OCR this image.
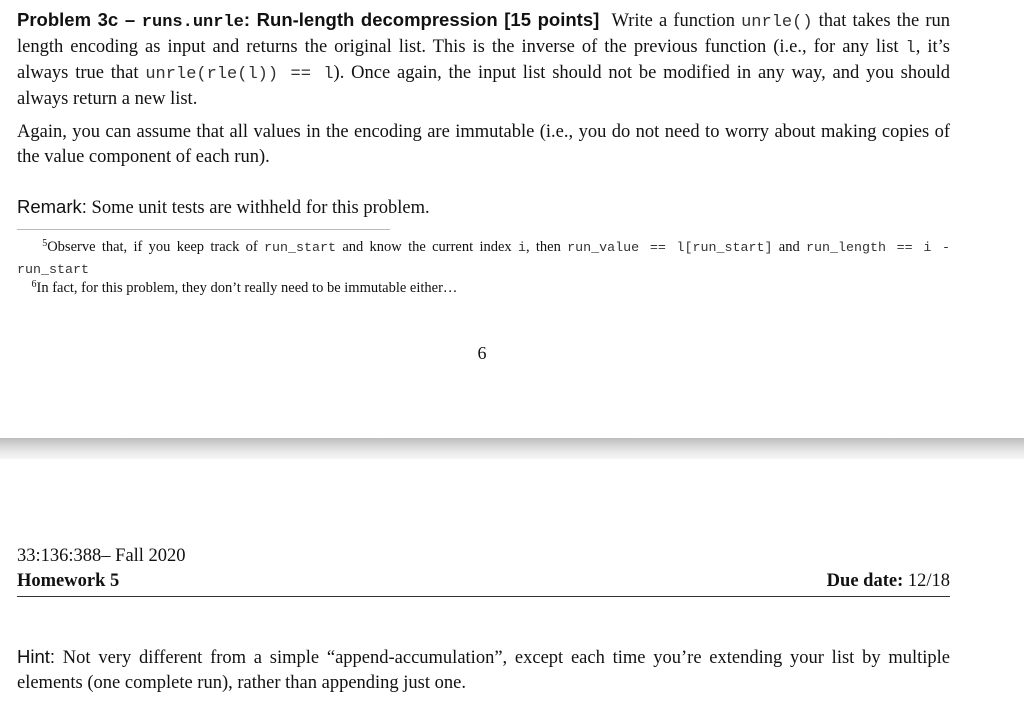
Problem 3c – runs.unrle: Run-length decompression [15 points] Write a function unrle() that takes the run length encoding as input and returns the original list. This is the inverse of the previous function (i.e., for any list l, it’s always true that unrle(rle(l)) == l). Once again, the input list should not be modified in any way, and you should always return a new list.

Again, you can assume that all values in the encoding are immutable (i.e., you do not need to worry about making copies of the value component of each run).

Remark: Some unit tests are withheld for this problem.

$^5$Observe that, if you keep track of run_start and know the current index i, then run_value == l[run_start] and run_length == i - run_start

$^6$In fact, for this problem, they don’t really need to be immutable either…

6
33:136:388– Fall 2020
Homework 5	Due date: 12/18

Hint: Not very different from a simple “append-accumulation”, except each time you’re extending your list by multiple elements (one complete run), rather than appending just one.
